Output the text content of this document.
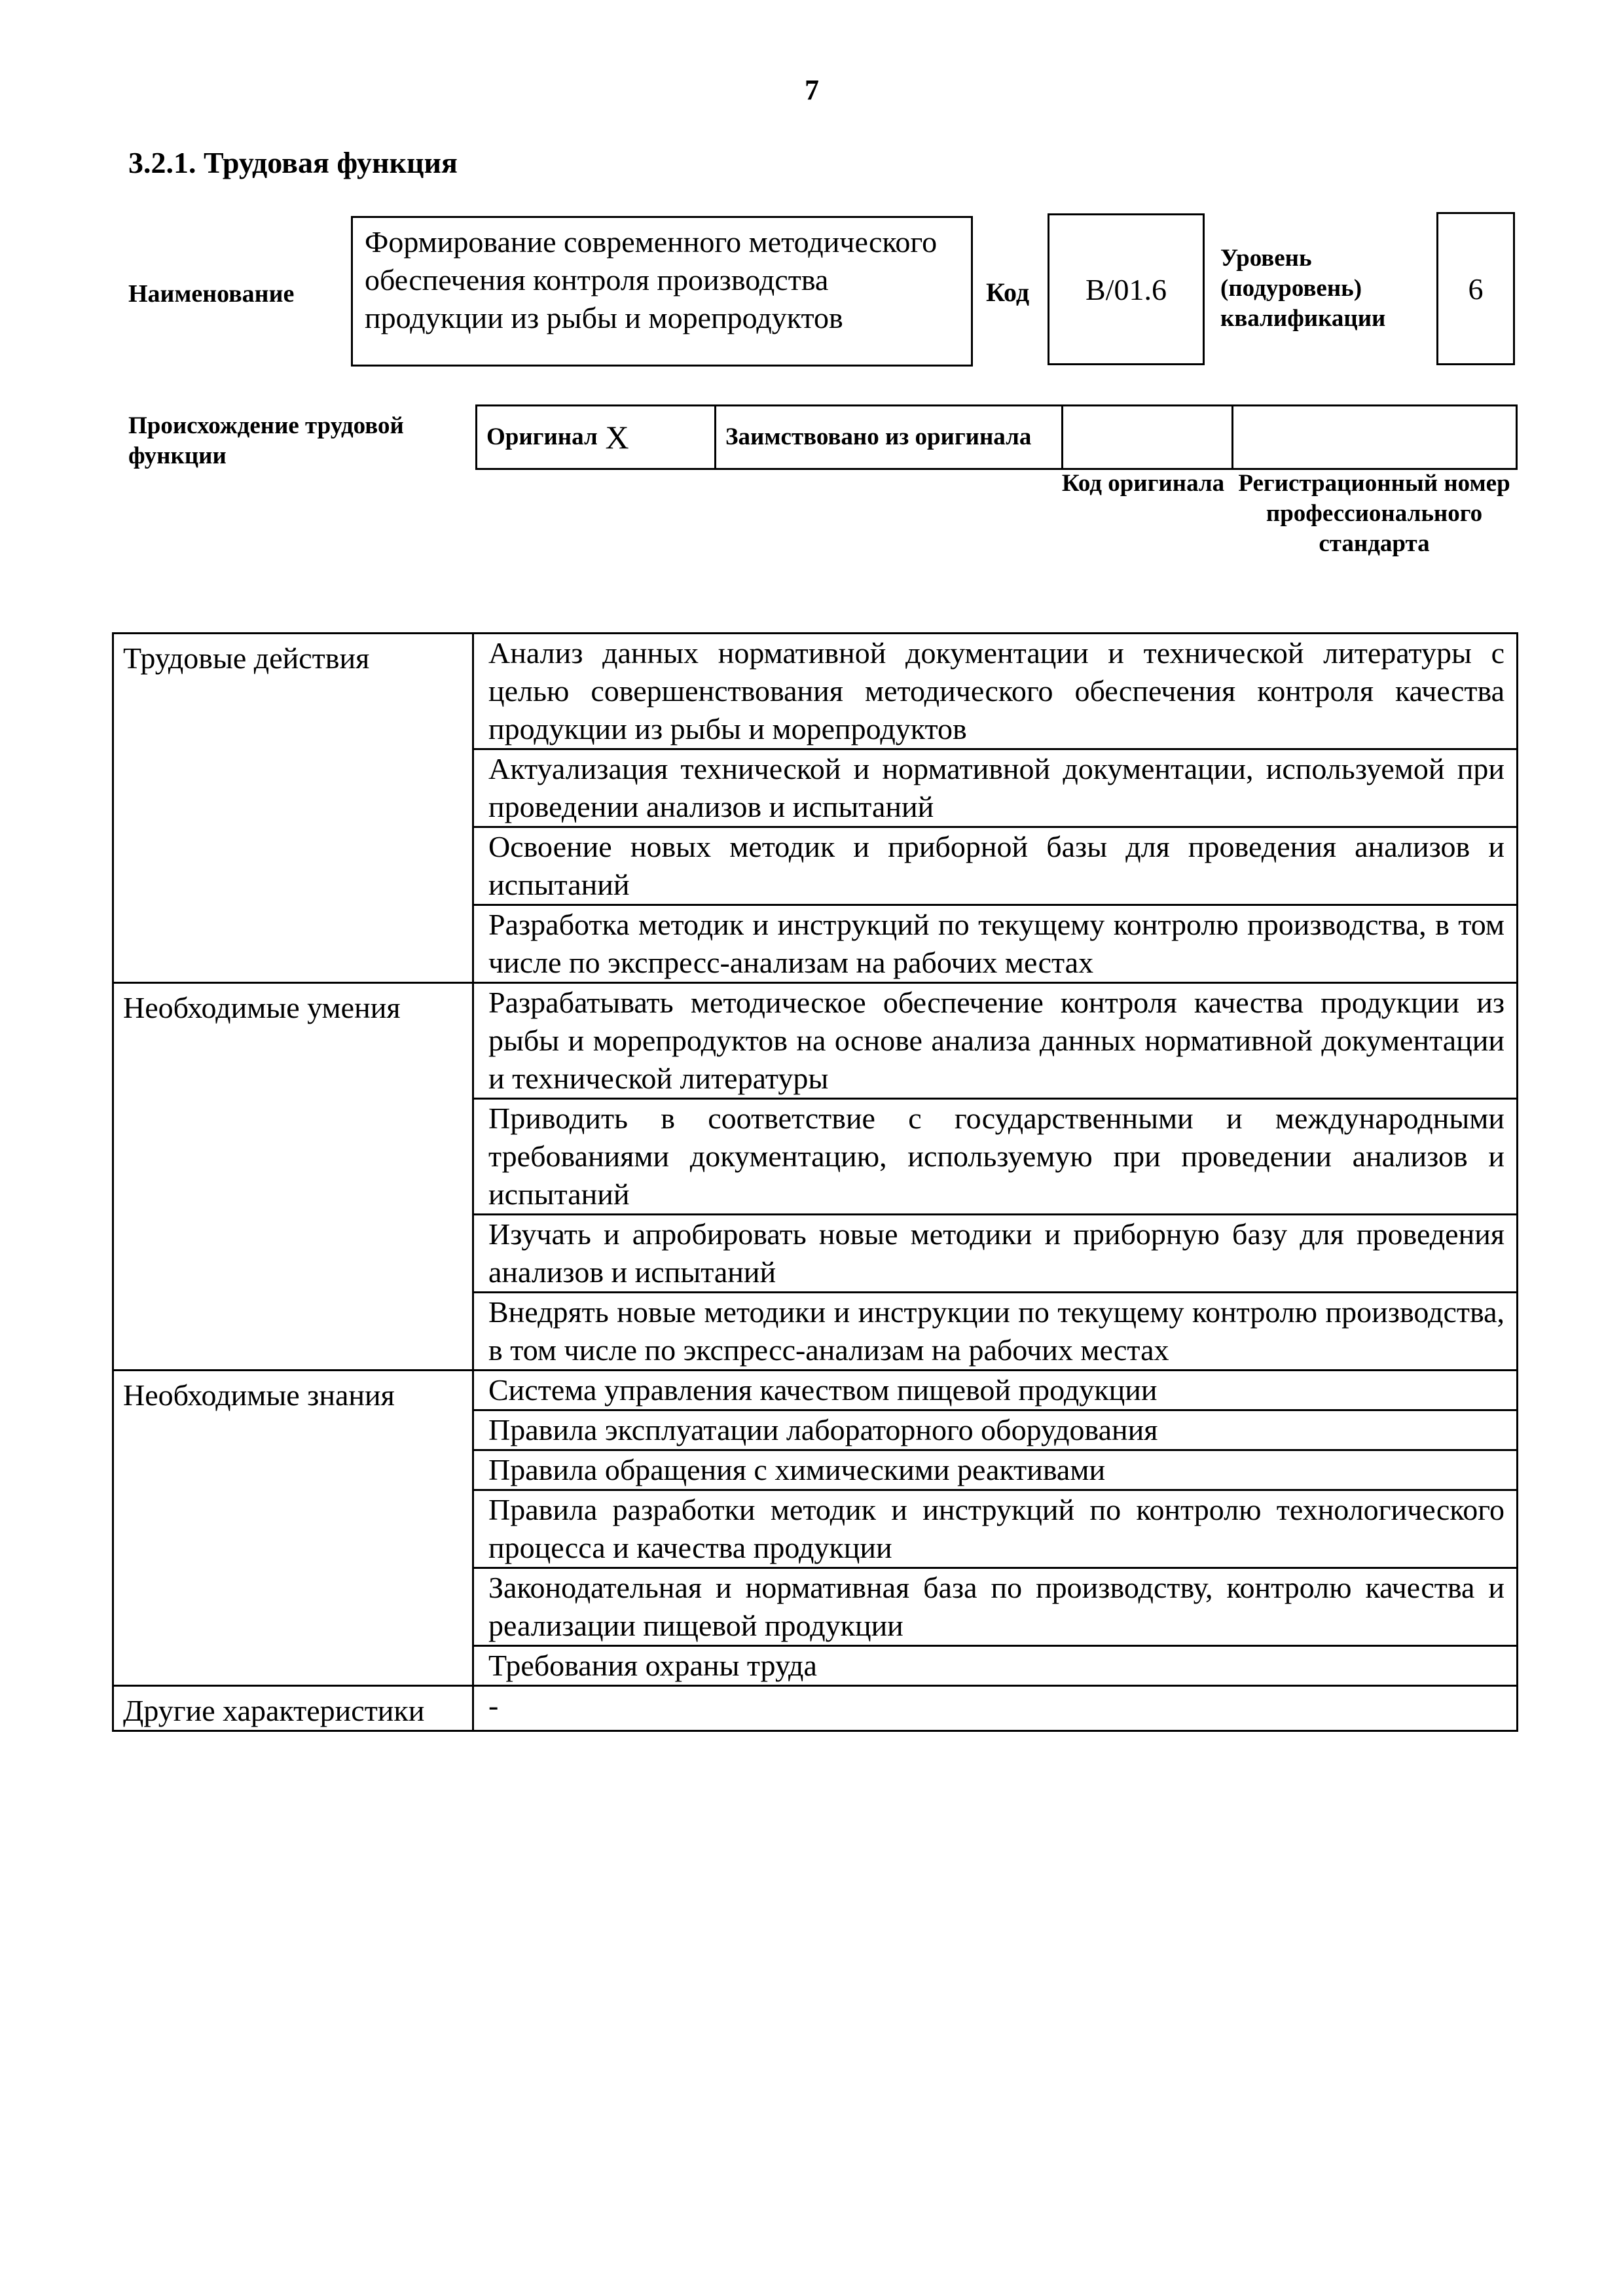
7
3.2.1. Трудовая функция
Наименование
Формирование современного методического обеспечения контроля производства продукции из рыбы и морепродуктов
Код	B/01.6
Уровень (подуровень) квалификации
6
Происхождение трудовой функции
Оригинал	X	Заимствовано из оригинала		
Код оригинала Регистрационный номер профессионального стандарта
Трудовые действия	Анализ данных нормативной документации и технической литературы с целью совершенствования методического обеспечения контроля качества продукции из рыбы и морепродуктов
	Актуализация технической и нормативной документации, используемой при проведении анализов и испытаний
	Освоение новых методик и приборной базы для проведения анализов и испытаний
	Разработка методик и инструкций по текущему контролю производства, в том числе по экспресс-анализам на рабочих местах
Необходимые умения	Разрабатывать методическое обеспечение контроля качества продукции из рыбы и морепродуктов на основе анализа данных нормативной документации и технической литературы
	Приводить в соответствие с государственными и международными требованиями документацию, используемую при проведении анализов и испытаний
	Изучать и апробировать новые методики и приборную базу для проведения анализов и испытаний
	Внедрять новые методики и инструкции по текущему контролю производства, в том числе по экспресс-анализам на рабочих местах
Необходимые знания	Система управления качеством пищевой продукции
	Правила эксплуатации лабораторного оборудования
	Правила обращения с химическими реактивами
	Правила разработки методик и инструкций по контролю технологического процесса и качества продукции
	Законодательная и нормативная база по производству, контролю качества и реализации пищевой продукции
	Требования охраны труда
Другие характеристики	-
